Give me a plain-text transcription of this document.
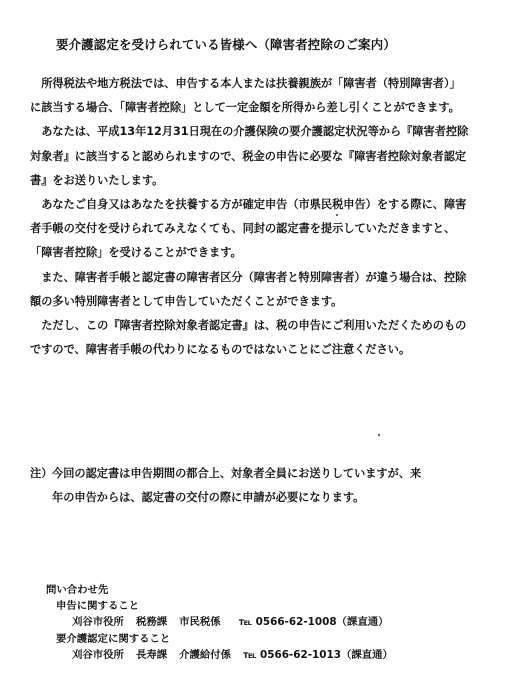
要介護認定を受けられている皆様へ（障害者控除のご案内）

所得税法や地方税法では、申告する本人または扶養親族が「障害者（特別障害者）」に該当する場合、「障害者控除」として一定金額を所得から差し引くことができます。

あなたは、平成13年12月31日現在の介護保険の要介護認定状況等から『障害者控除対象者』に該当すると認められますので、税金の申告に必要な『障害者控除対象者認定書』をお送りいたします。

あなたご自身又はあなたを扶養する方が確定申告（市県民税申告）をする際に、障害者手帳の交付を受けられてみえなくても、同封の認定書を提示していただきますと、「障害者控除」を受けることができます。

また、障害者手帳と認定書の障害者区分（障害者と特別障害者）が違う場合は、控除額の多い特別障害者として申告していただくことができます。

ただし、この『障害者控除対象者認定書』は、税の申告にご利用いただくためのものですので、障害者手帳の代わりになるものではないことにご注意ください。

注）今回の認定書は申告期間の都合上、対象者全員にお送りしていますが、来
年の申告からは、認定書の交付の際に申請が必要になります。
問い合わせ先
申告に関すること
刈谷市役所 税務課 市民税係 ℡ 0566-62-1008（課直通）
要介護認定に関すること
刈谷市役所 長寿課 介護給付係 ℡ 0566-62-1013（課直通）
